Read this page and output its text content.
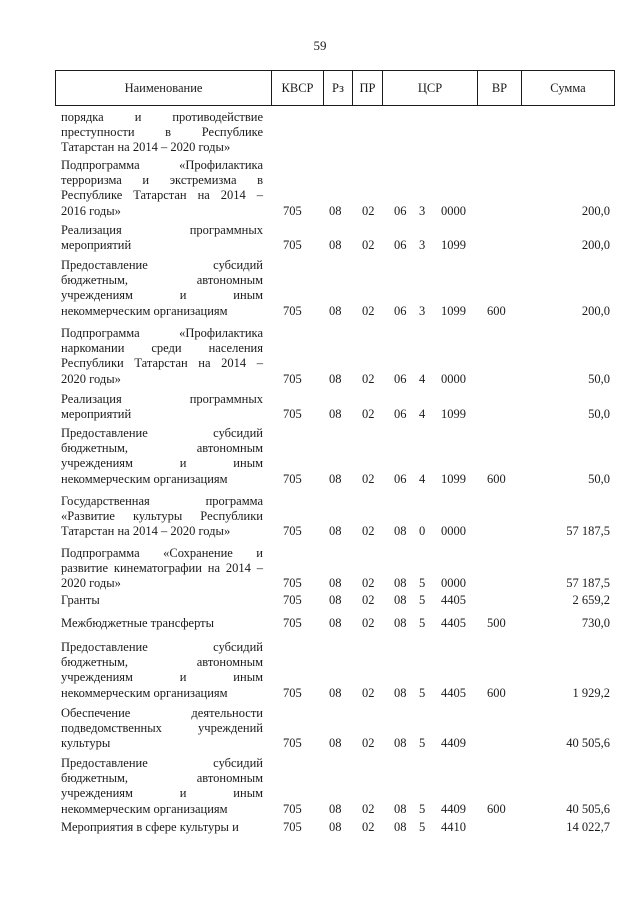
59
Наименование	КВСР	Рз	ПР	ЦСР	ВР	Сумма
порядка и противодействие
преступности в Республике
Татарстан на 2014 – 2020 годы»
Подпрограмма «Профилактика
терроризма и экстремизма в
Республике Татарстан на 2014 –
2016 годы»	705 08 02 06 3 0000	200,0
Реализация программных
мероприятий	705 08 02 06 3 1099	200,0
Предоставление субсидий
бюджетным, автономным
учреждениям и иным
некоммерческим организациям	705 08 02 06 3 1099 600	200,0
Подпрограмма «Профилактика
наркомании среди населения
Республики Татарстан на 2014 –
2020 годы»	705 08 02 06 4 0000	50,0
Реализация программных
мероприятий	705 08 02 06 4 1099	50,0
Предоставление субсидий
бюджетным, автономным
учреждениям и иным
некоммерческим организациям	705 08 02 06 4 1099 600	50,0
Государственная программа
«Развитие культуры Республики
Татарстан на 2014 – 2020 годы»	705 08 02 08 0 0000	57 187,5
Подпрограмма «Сохранение и
развитие кинематографии на 2014 –
2020 годы»	705 08 02 08 5 0000	57 187,5
Гранты	705 08 02 08 5 4405	2 659,2
Межбюджетные трансферты	705 08 02 08 5 4405 500	730,0
Предоставление субсидий
бюджетным, автономным
учреждениям и иным
некоммерческим организациям	705 08 02 08 5 4405 600	1 929,2
Обеспечение деятельности
подведомственных учреждений
культуры	705 08 02 08 5 4409	40 505,6
Предоставление субсидий
бюджетным, автономным
учреждениям и иным
некоммерческим организациям	705 08 02 08 5 4409 600	40 505,6
Мероприятия в сфере культуры и	705 08 02 08 5 4410	14 022,7
